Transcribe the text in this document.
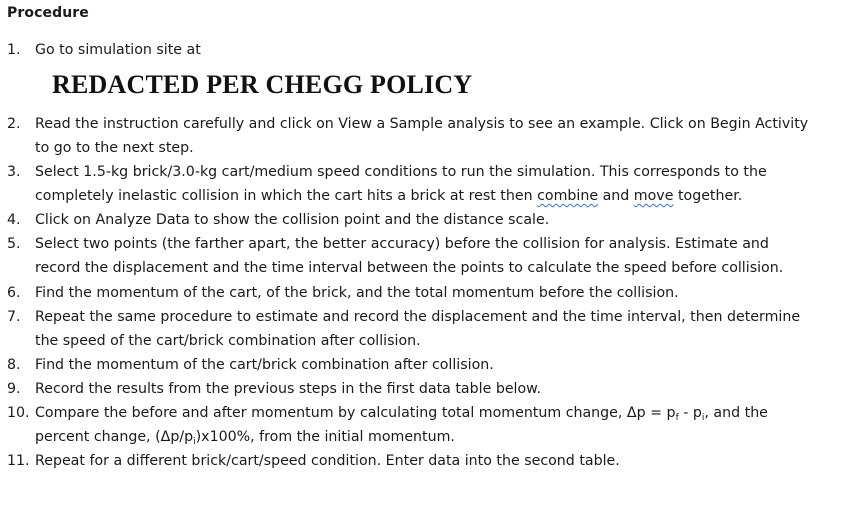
Procedure
1.	Go to simulation site at
REDACTED PER CHEGG POLICY
2.	Read the instruction carefully and click on View a Sample analysis to see an example. Click on Begin Activity
to go to the next step.
3.	Select 1.5-kg brick/3.0-kg cart/medium speed conditions to run the simulation. This corresponds to the
completely inelastic collision in which the cart hits a brick at rest then combine and move together.
4.	Click on Analyze Data to show the collision point and the distance scale.
5.	Select two points (the farther apart, the better accuracy) before the collision for analysis. Estimate and
record the displacement and the time interval between the points to calculate the speed before collision.
6.	Find the momentum of the cart, of the brick, and the total momentum before the collision.
7.	Repeat the same procedure to estimate and record the displacement and the time interval, then determine
the speed of the cart/brick combination after collision.
8.	Find the momentum of the cart/brick combination after collision.
9.	Record the results from the previous steps in the first data table below.
10. Compare the before and after momentum by calculating total momentum change, $\Delta p = p_f - p_i$, and the
percent change, $(\Delta p/p_i)x100\%$, from the initial momentum.
11. Repeat for a different brick/cart/speed condition. Enter data into the second table.
